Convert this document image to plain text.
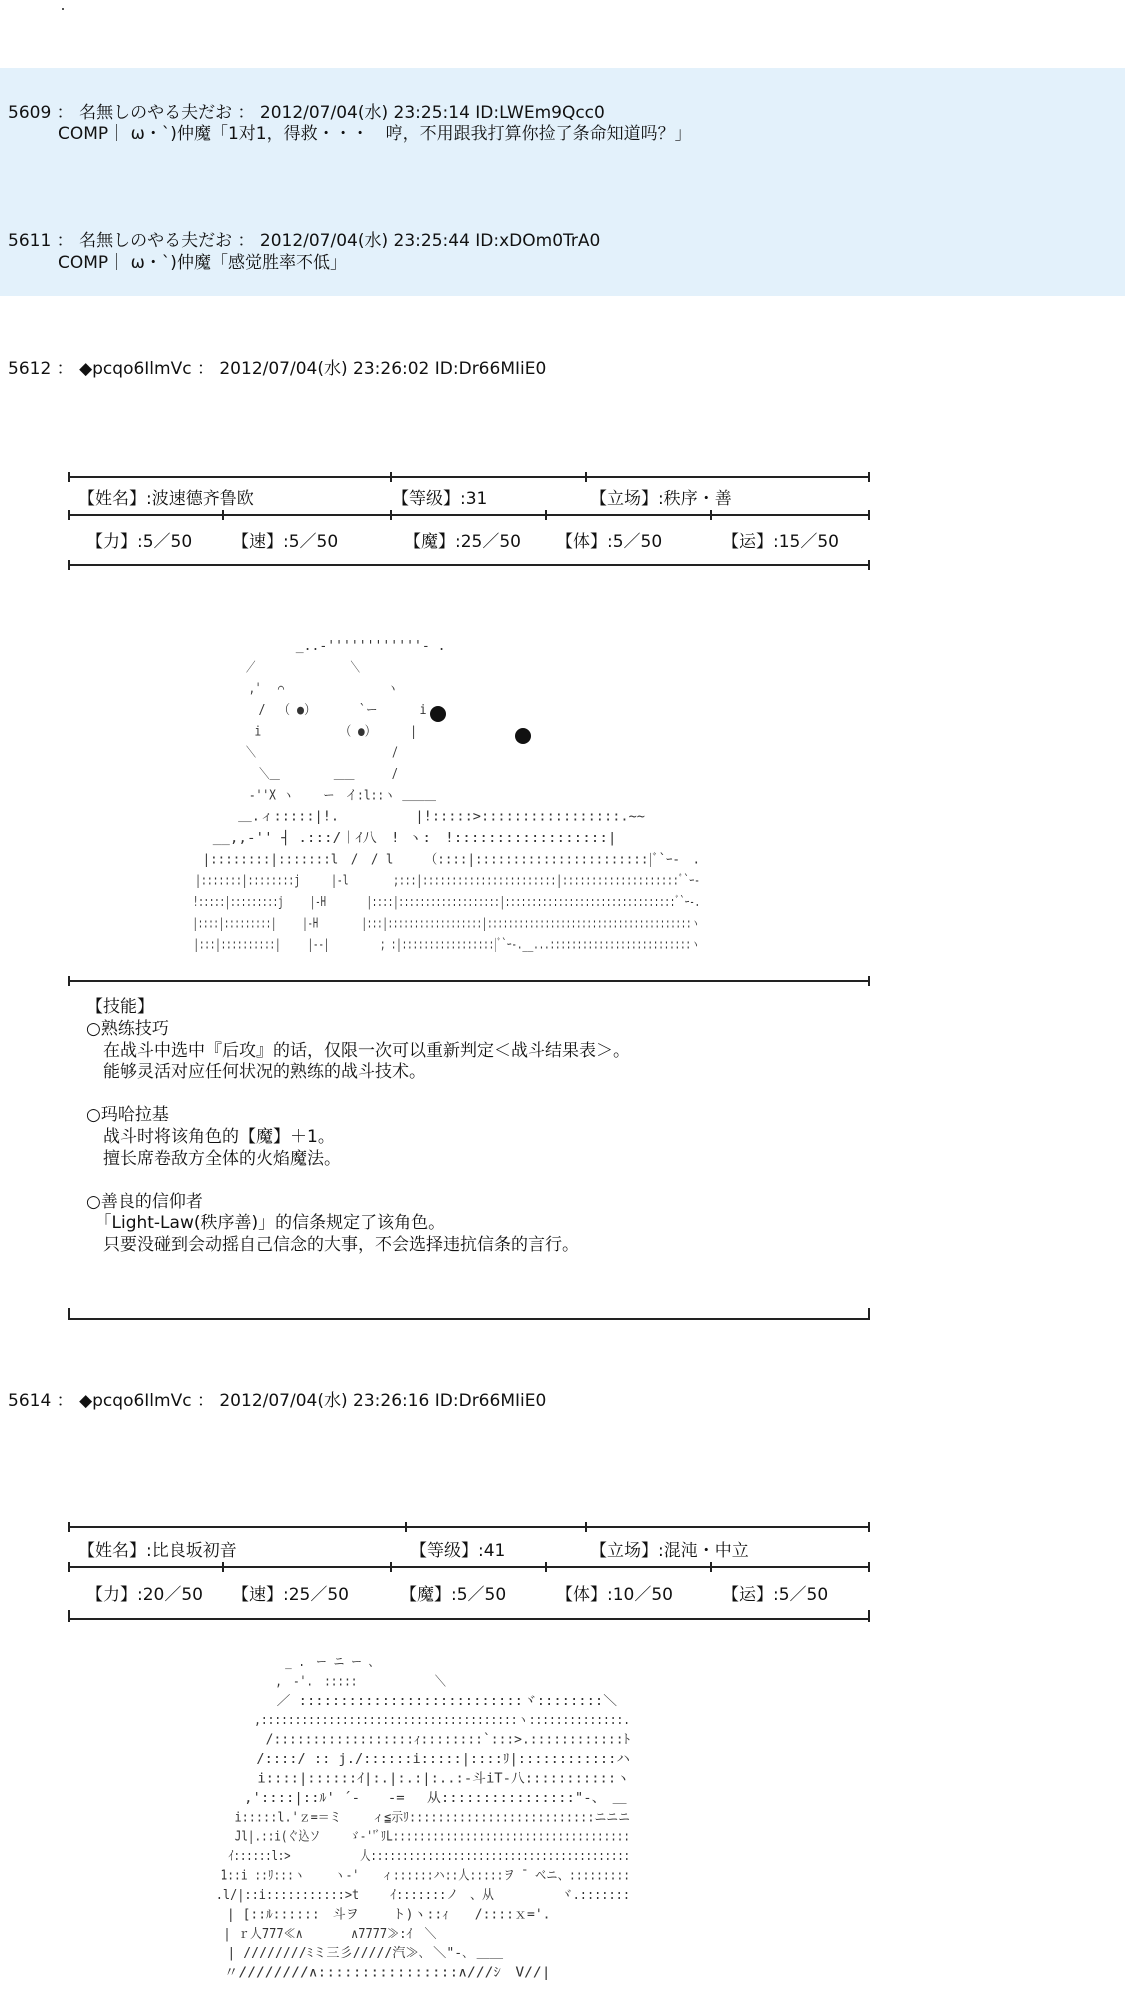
5609 ： 名無しのやる夫だお ： 2012/07/04(水) 23:25:14 ID:LWEm9Qcc0
COMP｜ ω・`)仲魔「1对1，得救・・・　哼，不用跟我打算你捡了条命知道吗？」
5611 ： 名無しのやる夫だお ： 2012/07/04(水) 23:25:44 ID:xDOm0TrA0
COMP｜ ω・`)仲魔「感觉胜率不低」
5612 ： ◆pcqo6IlmVc ： 2012/07/04(水) 23:26:02 ID:Dr66MIiE0
【姓名】:波速德齐鲁欧	【等级】:31	【立场】:秩序・善
【力】:5／50 【速】:5／50	【魔】:25／50 【体】:5／50	【运】:15／50
　　　　　　　　　 _..-''''''''''''‐ .
　　　　　　　　／　　　　　　　　　　＼
　　　　　　　 ,'　 ⌒　　　　　　　　　　ヽ
　　　　　　　 / 　（ ●）　 　　 `ー　　　 i
　　　　　　　 i　　　　　 　　（ ●）　　　 |
　　　　　　　 ＼　　 　　　　　　　　　　　/
　　　　　　　　 ＼＿ 　　　　 ＿＿　　　 /
　　　　　　　-''X ヽ　　 ー　イ:l::ヽ ＿＿＿
　　　　　＿.ィ:::::|!.　　　　　 |!:::::>:::::::::::::::::.~~
　　　__,,-'' ┤ .:::/｜ｲ八　! ヽ:　!::::::::::::::::::|
　　 |::::::::|:::::::l　/　/ l　　　（::::|:::::::::::::::::::::::|ﾞ`ｰ-　.
　　 |:::::::|::::::::j　 　 |-l　　　　 ;:::|:::::::::::::::::::::::|::::::::::::::::::::ﾞ`ｰ-
　　 !:::::|:::::::::j　　　|-H　　　　 |::::|:::::::::::::::::::|::::::::::::::::::::::::::::::::ﾞ`ｰ-.
　　 |::::|:::::::::|　　　|-H　　　　　|:::|::::::::::::::::::|:::::::::::::::::::::::::::::::::::::::ヽ
　　 |:::|::::::::::|　　　|--|　　　　　 ; :|:::::::::::::::::|ﾞ`ｰ-.__...::::::::::::::::::::::::::ヽ
【技能】
○熟练技巧
　在战斗中选中『后攻』的话，仅限一次可以重新判定＜战斗结果表＞。
　能够灵活对应任何状况的熟练的战斗技术。
○玛哈拉基
　战斗时将该角色的【魔】＋1。
　擅长席卷敌方全体的火焰魔法。
○善良的信仰者
　「Light-Law(秩序善)」的信条规定了该角色。
　只要没碰到会动摇自己信念的大事，不会选择违抗信条的言行。
5614 ： ◆pcqo6IlmVc ： 2012/07/04(水) 23:26:16 ID:Dr66MIiE0
【姓名】:比良坂初音	【等级】:41	【立场】:混沌・中立
【力】:20／50 【速】:25／50	【魔】:5／50	【体】:10／50	【运】:5／50
　　　　　　　　　 _ .　ー ニ ー 、
　　　　　　　　 ,　-'.　:::::　　　　　　　＼
　　　　　　　／ :::::::::::::::::::::::::::ヾ::::::::＼
　　　　　　 ,::::::::::::::::::::::::::::::::::::::ヽ::::::::::::::.
　　　　　　 /::::::::::::::::::ｨ::::::::`:::>.::::::::::::ﾄ
　　　　　 /::::/ :: j./::::::i:::::|::::ﾘ|::::::::::::ハ
　　　　　 i::::|::::::ｲ|:.|:.:|:..:-斗iT-八:::::::::::ヽ
　　　　 ,'::::|::ﾙ' ´-　　-=　 从::::::::::::::::"-、　＿
　　　　 i:::::l.'ｚ=＝ミ　　 ィ≦示ﾘ::::::::::::::::::::::::::ニニニ
　　　　　Jl|.::i(ぐ込ソ　　 ゞ-''ﾞﾘL::::::::::::::::::::::::::::::::::::
　　　　 ｲ::::::l:>　　　　　　 人:::::::::::::::::::::::::::::::::::::::::
　　　 1::i ::ﾘ:::ヽ　　 ヽ-'　　ィ::::::ハ::人:::::ヲ ˉ ベニ、:::::::::
　　　.l/|::i:::::::::::>t　　 ｲ:::::::ノ　、从　　　　　 ヾ.:::::::
　　　 | [::ﾙ::::::　斗ヲ　　 ト)ヽ::ｨ　　/::::ｘ='.
　　　 | ｒ人777≪∧　　　　∧7777≫:ｲ　＼
　　　 | ////////ﾐミ三彡/////汽≫､ ＼"-､ ＿＿
　　　〃////////∧::::::::::::::::∧///ｼ　V//|
